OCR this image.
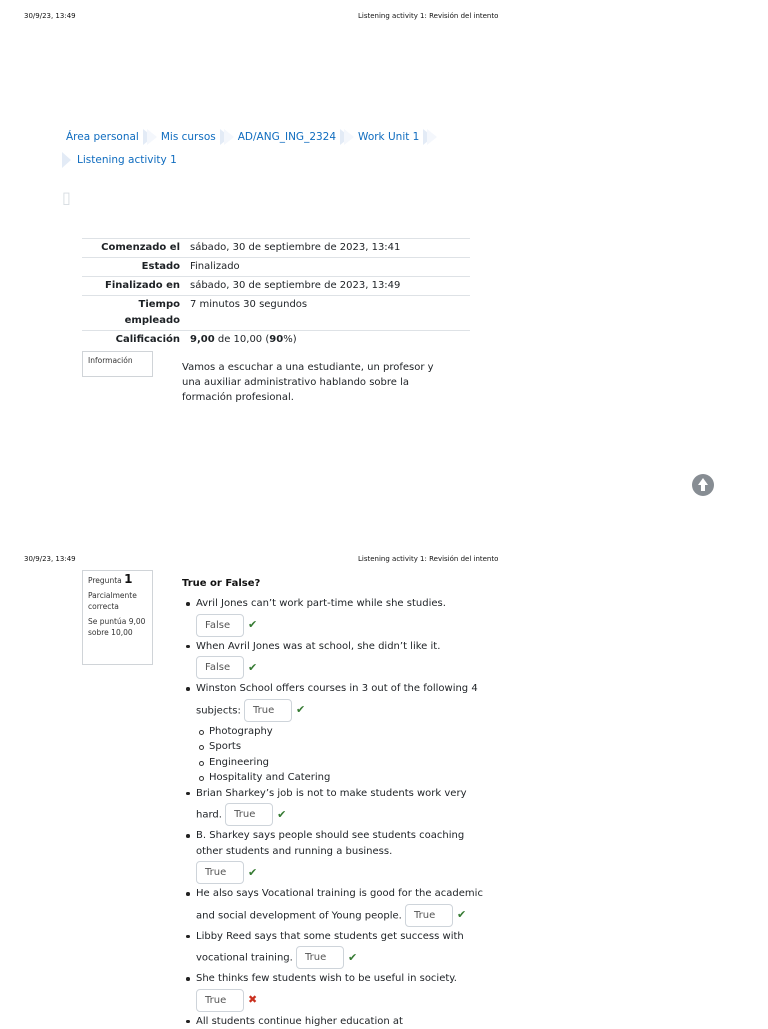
30/9/23, 13:49	Listening activity 1: Revisión del intento
Área personal	Mis cursos	AD/ANG_ING_2324	Work Unit 1
Listening activity 1
▯
Comenzado el	sábado, 30 de septiembre de 2023, 13:41
Estado	Finalizado
Finalizado en	sábado, 30 de septiembre de 2023, 13:49
Tiempo empleado	7 minutos 30 segundos
Calificación	9,00 de 10,00 (90%)

Información

Vamos a escuchar a una estudiante, un profesor y una auxiliar administrativo hablando sobre la formación profesional.
30/9/23, 13:49	Listening activity 1: Revisión del intento

Pregunta 1

Parcialmente correcta

Se puntúa 9,00 sobre 10,00

True or False?
Avril Jones can’t work part-time while she studies.
False ✔
When Avril Jones was at school, she didn’t like it.
False ✔
Winston School offers courses in 3 out of the following 4 subjects: True ✔
Photography
Sports
Engineering
Hospitality and Catering
Brian Sharkey’s job is not to make students work very hard. True ✔
B. Sharkey says people should see students coaching other students and running a business.
True ✔
He also says Vocational training is good for the academic and social development of Young people. True ✔
Libby Reed says that some students get success with vocational training. True ✔
She thinks few students wish to be useful in society. True ✖
All students continue higher education at
